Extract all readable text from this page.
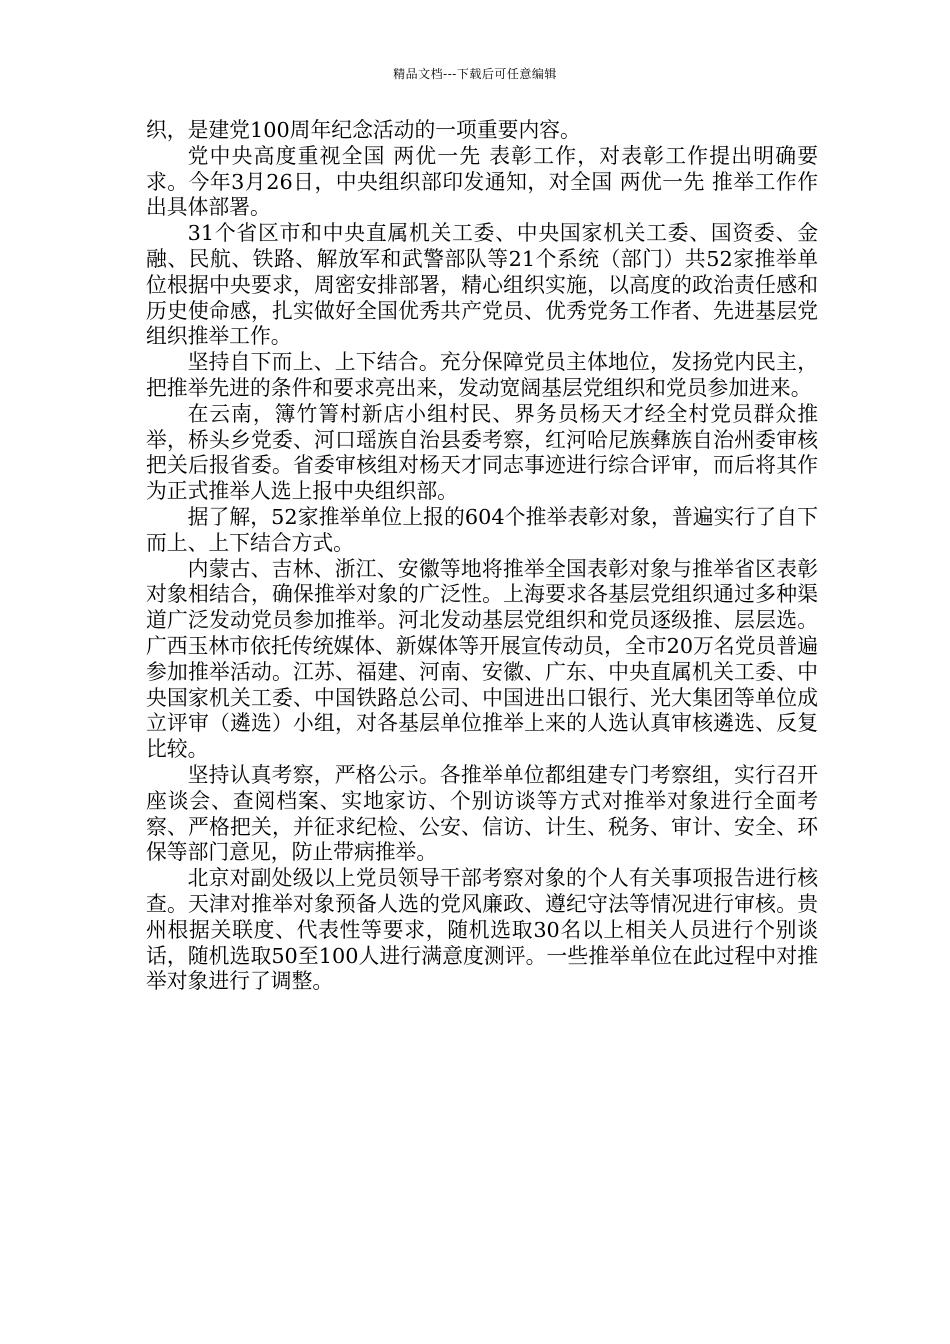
精品文档---下载后可任意编辑

织，是建党100周年纪念活动的一项重要内容。

党中央高度重视全国 两优一先 表彰工作，对表彰工作提出明确要求。今年3月26日，中央组织部印发通知，对全国 两优一先 推举工作作出具体部署。

31个省区市和中央直属机关工委、中央国家机关工委、国资委、金融、民航、铁路、解放军和武警部队等21个系统（部门）共52家推举单位根据中央要求，周密安排部署，精心组织实施，以高度的政治责任感和历史使命感，扎实做好全国优秀共产党员、优秀党务工作者、先进基层党组织推举工作。

坚持自下而上、上下结合。充分保障党员主体地位，发扬党内民主，把推举先进的条件和要求亮出来，发动宽阔基层党组织和党员参加进来。

在云南，簿竹箐村新店小组村民、界务员杨天才经全村党员群众推举，桥头乡党委、河口瑶族自治县委考察，红河哈尼族彝族自治州委审核把关后报省委。省委审核组对杨天才同志事迹进行综合评审，而后将其作为正式推举人选上报中央组织部。

据了解，52家推举单位上报的604个推举表彰对象，普遍实行了自下而上、上下结合方式。

内蒙古、吉林、浙江、安徽等地将推举全国表彰对象与推举省区表彰对象相结合，确保推举对象的广泛性。上海要求各基层党组织通过多种渠道广泛发动党员参加推举。河北发动基层党组织和党员逐级推、层层选。广西玉林市依托传统媒体、新媒体等开展宣传动员，全市20万名党员普遍参加推举活动。江苏、福建、河南、安徽、广东、中央直属机关工委、中央国家机关工委、中国铁路总公司、中国进出口银行、光大集团等单位成立评审（遴选）小组，对各基层单位推举上来的人选认真审核遴选、反复比较。

坚持认真考察，严格公示。各推举单位都组建专门考察组，实行召开座谈会、查阅档案、实地家访、个别访谈等方式对推举对象进行全面考察、严格把关，并征求纪检、公安、信访、计生、税务、审计、安全、环保等部门意见，防止带病推举。

北京对副处级以上党员领导干部考察对象的个人有关事项报告进行核查。天津对推举对象预备人选的党风廉政、遵纪守法等情况进行审核。贵州根据关联度、代表性等要求，随机选取30名以上相关人员进行个别谈话，随机选取50至100人进行满意度测评。一些推举单位在此过程中对推举对象进行了调整。
